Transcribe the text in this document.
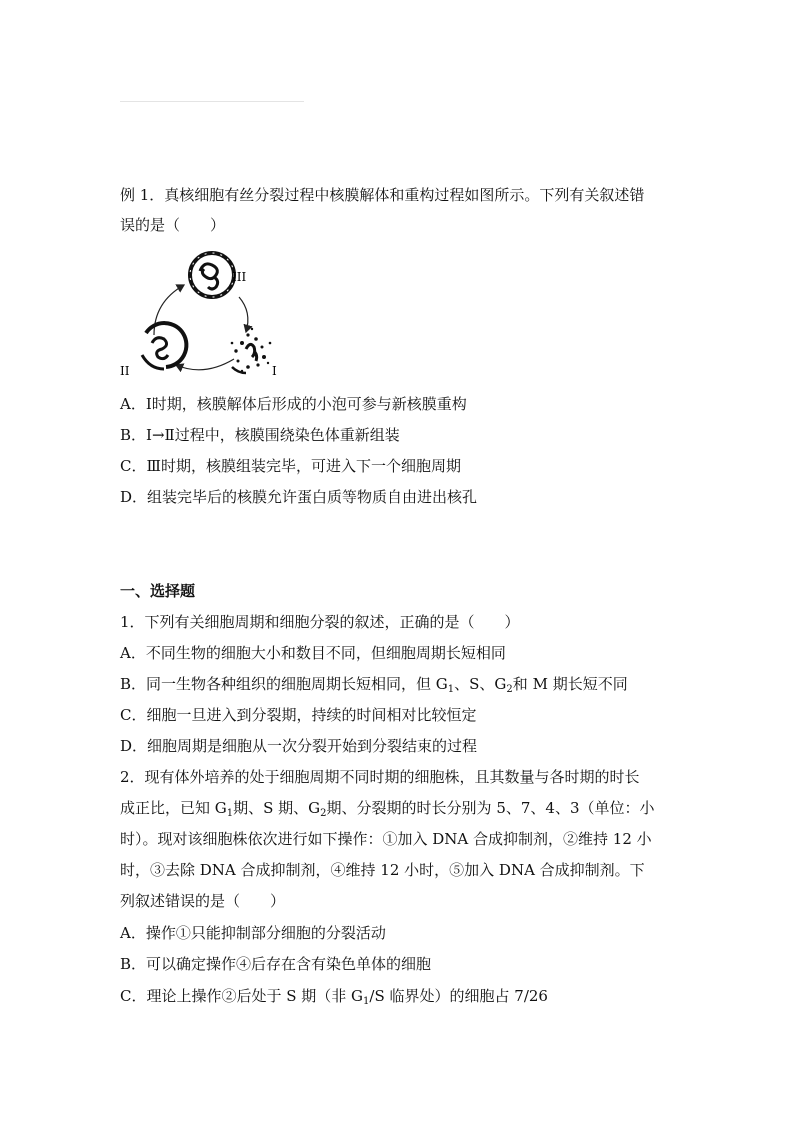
例 1．真核细胞有丝分裂过程中核膜解体和重构过程如图所示。下列有关叙述错
误的是（　　）
III
I
II
A．Ⅰ时期，核膜解体后形成的小泡可参与新核膜重构
B．Ⅰ→Ⅱ过程中，核膜围绕染色体重新组装
C．Ⅲ时期，核膜组装完毕，可进入下一个细胞周期
D．组装完毕后的核膜允许蛋白质等物质自由进出核孔
一、选择题
1．下列有关细胞周期和细胞分裂的叙述，正确的是（　　）
A．不同生物的细胞大小和数目不同，但细胞周期长短相同
B．同一生物各种组织的细胞周期长短相同，但 $G_1$、S、$G_2$和 M 期长短不同
C．细胞一旦进入到分裂期，持续的时间相对比较恒定
D．细胞周期是细胞从一次分裂开始到分裂结束的过程
2．现有体外培养的处于细胞周期不同时期的细胞株，且其数量与各时期的时长
成正比，已知 $G_1$期、S 期、$G_2$期、分裂期的时长分别为 5、7、4、3（单位：小
时）。现对该细胞株依次进行如下操作：①加入 DNA 合成抑制剂，②维持 12 小
时，③去除 DNA 合成抑制剂，④维持 12 小时，⑤加入 DNA 合成抑制剂。下
列叙述错误的是（　　）
A．操作①只能抑制部分细胞的分裂活动
B．可以确定操作④后存在含有染色单体的细胞
C．理论上操作②后处于 S 期（非 $G_1/S$ 临界处）的细胞占 7/26
